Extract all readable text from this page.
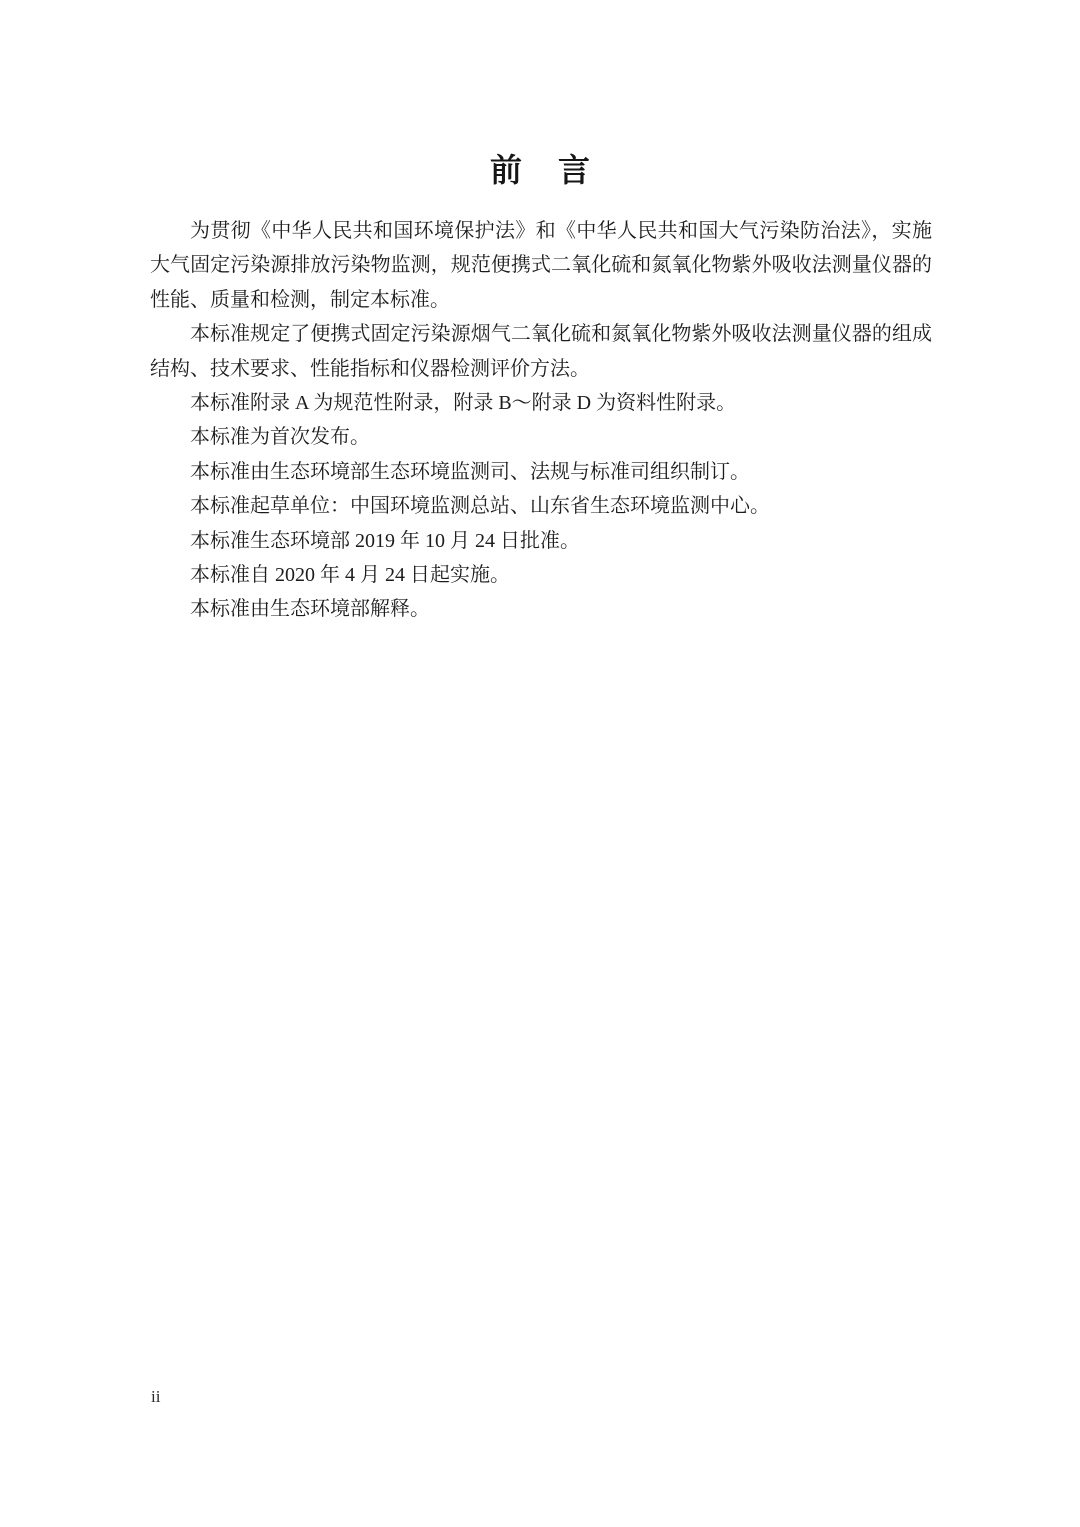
前　言

为贯彻《中华人民共和国环境保护法》和《中华人民共和国大气污染防治法》，实施大气固定污染源排放污染物监测，规范便携式二氧化硫和氮氧化物紫外吸收法测量仪器的性能、质量和检测，制定本标准。

本标准规定了便携式固定污染源烟气二氧化硫和氮氧化物紫外吸收法测量仪器的组成结构、技术要求、性能指标和仪器检测评价方法。

本标准附录 A 为规范性附录，附录 B～附录 D 为资料性附录。

本标准为首次发布。

本标准由生态环境部生态环境监测司、法规与标准司组织制订。

本标准起草单位：中国环境监测总站、山东省生态环境监测中心。

本标准生态环境部 2019 年 10 月 24 日批准。

本标准自 2020 年 4 月 24 日起实施。

本标准由生态环境部解释。

ii
